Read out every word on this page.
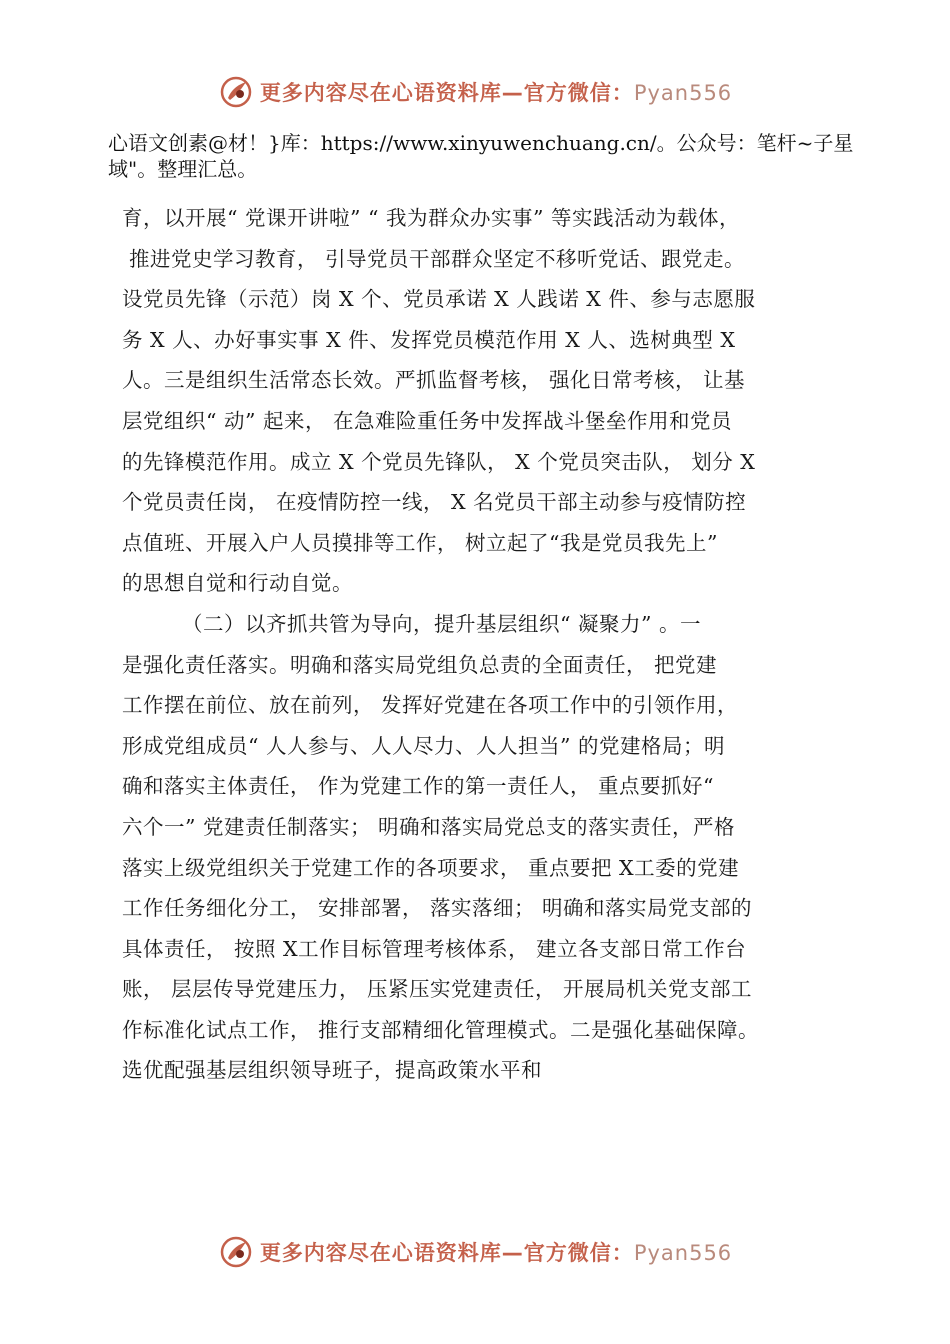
更多内容尽在心语资料库—官方微信：Pyan556
心语文创素@材！}库：https://www.xinyuwenchuang.cn/。公众号：笔杆~子星域"。整理汇总。
育，以开展“ 党课开讲啦” “ 我为群众办实事” 等实践活动为载体，
推进党史学习教育， 引导党员干部群众坚定不移听党话、跟党走。
设党员先锋（示范）岗 X 个、党员承诺 X 人践诺 X 件、参与志愿服
务 X 人、办好事实事 X 件、发挥党员模范作用 X 人、选树典型 X
人。三是组织生活常态长效。严抓监督考核， 强化日常考核， 让基
层党组织“ 动” 起来， 在急难险重任务中发挥战斗堡垒作用和党员
的先锋模范作用。成立 X 个党员先锋队， X 个党员突击队， 划分 X
个党员责任岗， 在疫情防控一线， X 名党员干部主动参与疫情防控
点值班、开展入户人员摸排等工作， 树立起了“我是党员我先上”
的思想自觉和行动自觉。
（二）以齐抓共管为导向，提升基层组织“ 凝聚力” 。一
是强化责任落实。明确和落实局党组负总责的全面责任， 把党建
工作摆在前位、放在前列， 发挥好党建在各项工作中的引领作用，
形成党组成员“ 人人参与、人人尽力、人人担当” 的党建格局；明
确和落实主体责任， 作为党建工作的第一责任人， 重点要抓好“
六个一” 党建责任制落实； 明确和落实局党总支的落实责任，严格
落实上级党组织关于党建工作的各项要求， 重点要把 X工委的党建
工作任务细化分工， 安排部署， 落实落细； 明确和落实局党支部的
具体责任， 按照 X工作目标管理考核体系， 建立各支部日常工作台
账， 层层传导党建压力， 压紧压实党建责任， 开展局机关党支部工
作标准化试点工作， 推行支部精细化管理模式。二是强化基础保障。
选优配强基层组织领导班子，提高政策水平和
更多内容尽在心语资料库—官方微信：Pyan556
